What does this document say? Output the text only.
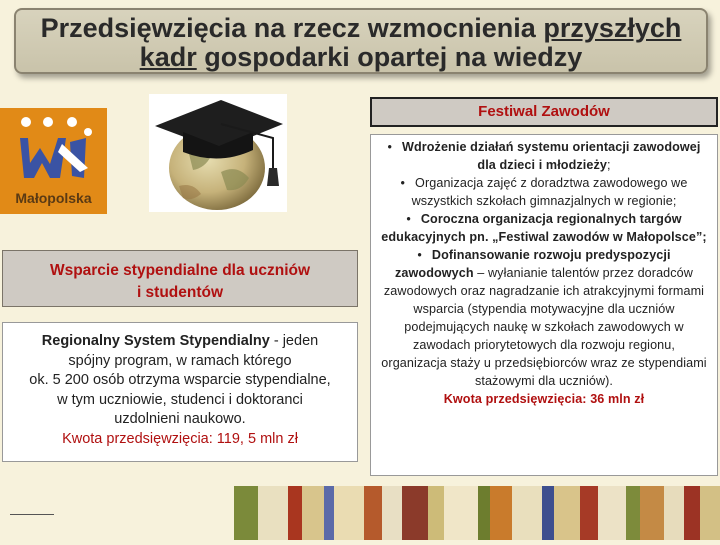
Przedsięwzięcia na rzecz wzmocnienia przyszłych
kadr gospodarki opartej na wiedzy
Małopolska
Wsparcie stypendialne dla uczniów
i studentów
Regionalny System Stypendialny - jeden
spójny program, w ramach którego
ok. 5 200 osób otrzyma wsparcie stypendialne,
w tym uczniowie, studenci i doktoranci
uzdolnieni naukowo.
Kwota przedsięwzięcia: 119, 5 mln zł
Festiwal Zawodów
• Wdrożenie działań systemu orientacji zawodowej dla dzieci i młodzieży;
• Organizacja zajęć z doradztwa zawodowego we wszystkich szkołach gimnazjalnych w regionie;
• Coroczna organizacja regionalnych targów edukacyjnych pn. „Festiwal zawodów w Małopolsce”;
• Dofinansowanie rozwoju predyspozycji zawodowych – wyłanianie talentów przez doradców zawodowych oraz nagradzanie ich atrakcyjnymi formami wsparcia (stypendia motywacyjne dla uczniów podejmujących naukę w szkołach zawodowych w zawodach priorytetowych dla rozwoju regionu, organizacja staży u przedsiębiorców wraz ze stypendiami stażowymi dla uczniów).
Kwota przedsięwzięcia: 36 mln zł
